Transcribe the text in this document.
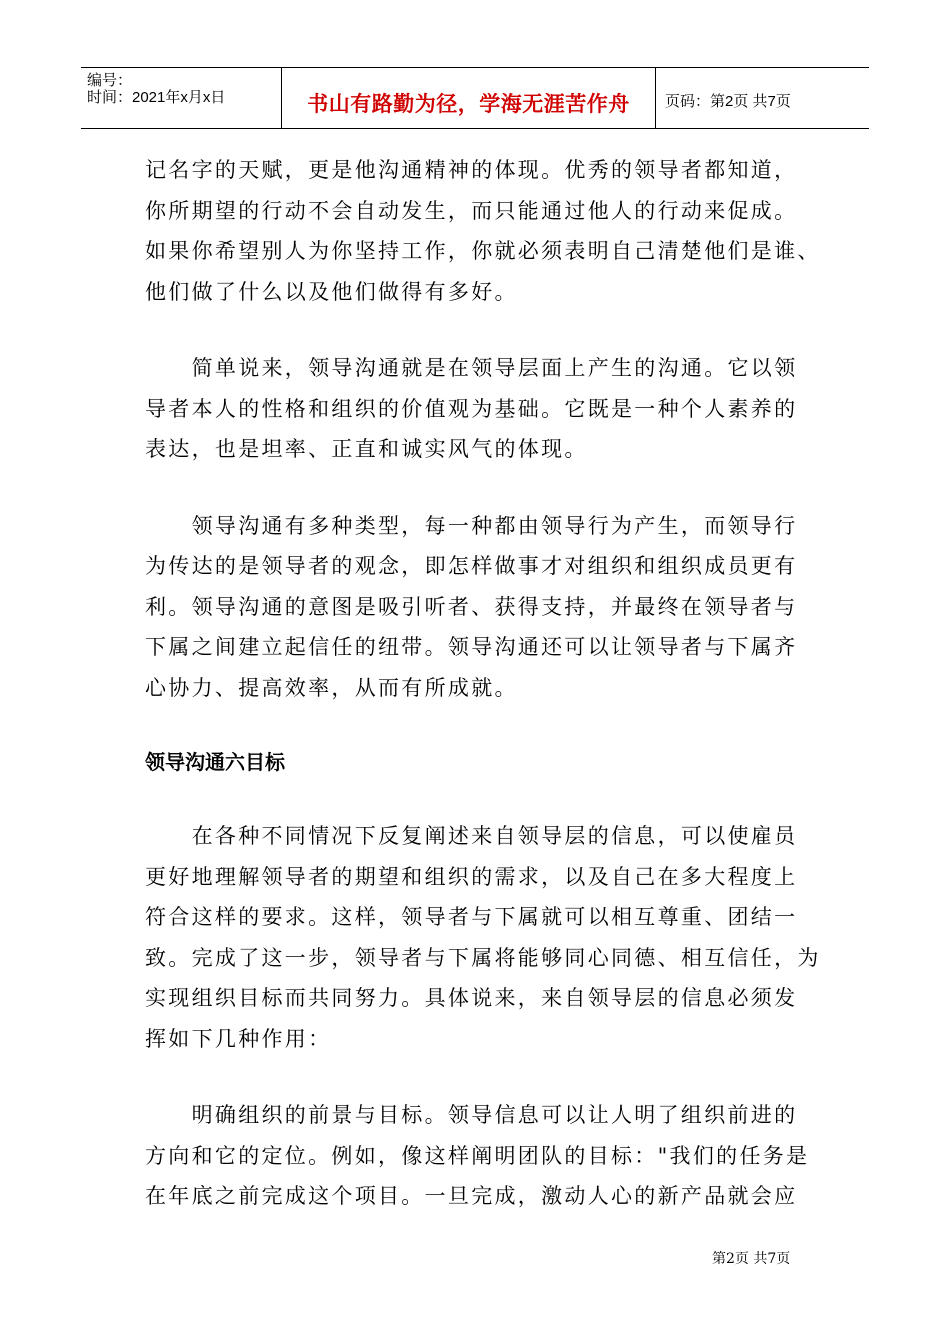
编号：
时间：2021年x月x日	书山有路勤为径，学海无涯苦作舟	页码：第2页 共7页

记名字的天赋，更是他沟通精神的体现。优秀的领导者都知道，
你所期望的行动不会自动发生，而只能通过他人的行动来促成。
如果你希望别人为你坚持工作，你就必须表明自己清楚他们是谁、
他们做了什么以及他们做得有多好。

　　简单说来，领导沟通就是在领导层面上产生的沟通。它以领
导者本人的性格和组织的价值观为基础。它既是一种个人素养的
表达，也是坦率、正直和诚实风气的体现。

　　领导沟通有多种类型，每一种都由领导行为产生，而领导行
为传达的是领导者的观念，即怎样做事才对组织和组织成员更有
利。领导沟通的意图是吸引听者、获得支持，并最终在领导者与
下属之间建立起信任的纽带。领导沟通还可以让领导者与下属齐
心协力、提高效率，从而有所成就。

领导沟通六目标

　　在各种不同情况下反复阐述来自领导层的信息，可以使雇员
更好地理解领导者的期望和组织的需求，以及自己在多大程度上
符合这样的要求。这样，领导者与下属就可以相互尊重、团结一
致。完成了这一步，领导者与下属将能够同心同德、相互信任，为
实现组织目标而共同努力。具体说来，来自领导层的信息必须发
挥如下几种作用：

　　明确组织的前景与目标。领导信息可以让人明了组织前进的
方向和它的定位。例如，像这样阐明团队的目标："我们的任务是
在年底之前完成这个项目。一旦完成，激动人心的新产品就会应

第2页 共7页
